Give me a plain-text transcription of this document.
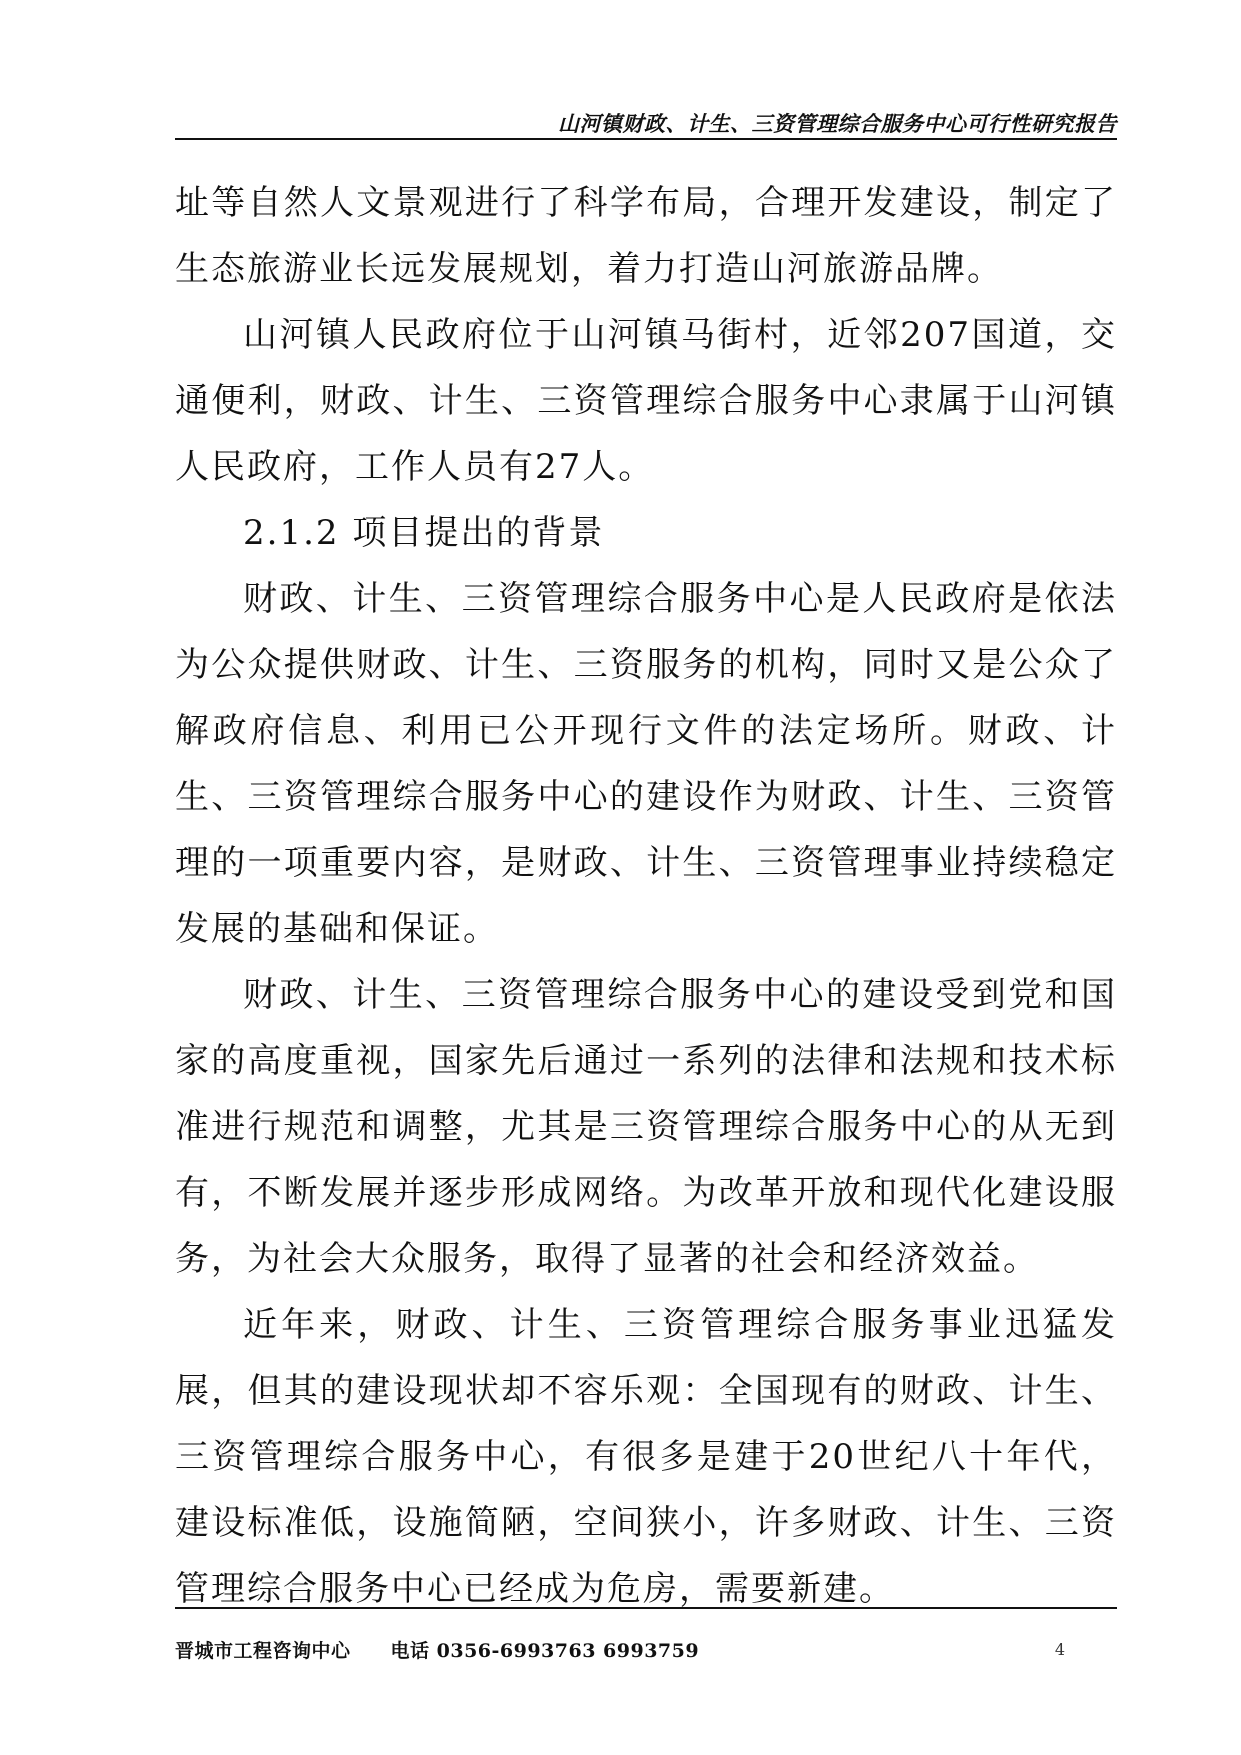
山河镇财政、计生、三资管理综合服务中心可行性研究报告

址等自然人文景观进行了科学布局，合理开发建设，制定了生态旅游业长远发展规划，着力打造山河旅游品牌。

山河镇人民政府位于山河镇马街村，近邻207国道，交通便利，财政、计生、三资管理综合服务中心隶属于山河镇人民政府，工作人员有27人。

2.1.2 项目提出的背景

财政、计生、三资管理综合服务中心是人民政府是依法为公众提供财政、计生、三资服务的机构，同时又是公众了解政府信息、利用已公开现行文件的法定场所。财政、计生、三资管理综合服务中心的建设作为财政、计生、三资管理的一项重要内容，是财政、计生、三资管理事业持续稳定发展的基础和保证。

财政、计生、三资管理综合服务中心的建设受到党和国家的高度重视，国家先后通过一系列的法律和法规和技术标准进行规范和调整，尤其是三资管理综合服务中心的从无到有，不断发展并逐步形成网络。为改革开放和现代化建设服务，为社会大众服务，取得了显著的社会和经济效益。

近年来，财政、计生、三资管理综合服务事业迅猛发展，但其的建设现状却不容乐观：全国现有的财政、计生、三资管理综合服务中心，有很多是建于20世纪八十年代，建设标准低，设施简陋，空间狭小，许多财政、计生、三资管理综合服务中心已经成为危房，需要新建。

晋城市工程咨询中心 电话 0356-6993763 6993759	4
